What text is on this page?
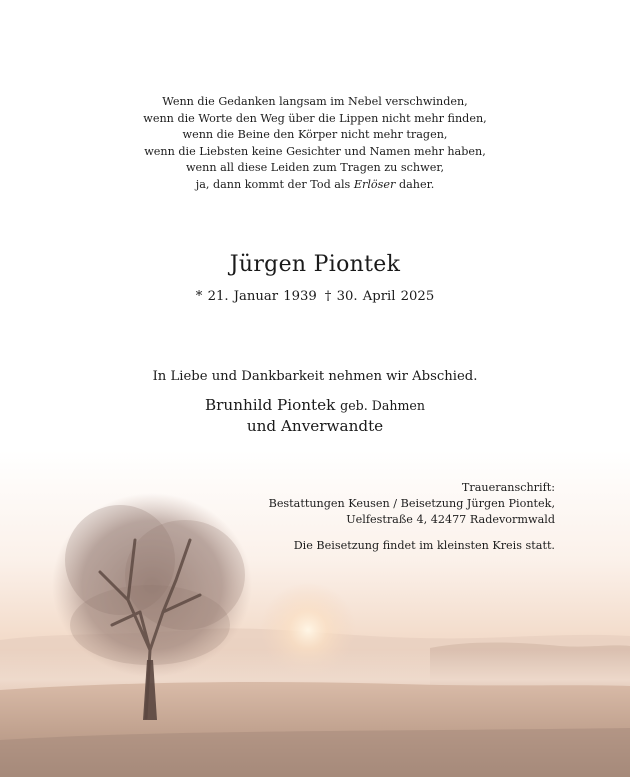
Wenn die Gedanken langsam im Nebel verschwinden,
wenn die Worte den Weg über die Lippen nicht mehr finden,
wenn die Beine den Körper nicht mehr tragen,
wenn die Liebsten keine Gesichter und Namen mehr haben,
wenn all diese Leiden zum Tragen zu schwer,
ja, dann kommt der Tod als Erlöser daher.
Jürgen Piontek
* 21. Januar 1939 † 30. April 2025
In Liebe und Dankbarkeit nehmen wir Abschied.
Brunhild Piontek geb. Dahmen
und Anverwandte
Traueranschrift:
Bestattungen Keusen / Beisetzung Jürgen Piontek,
Uelfestraße 4, 42477 Radevormwald
Die Beisetzung findet im kleinsten Kreis statt.
